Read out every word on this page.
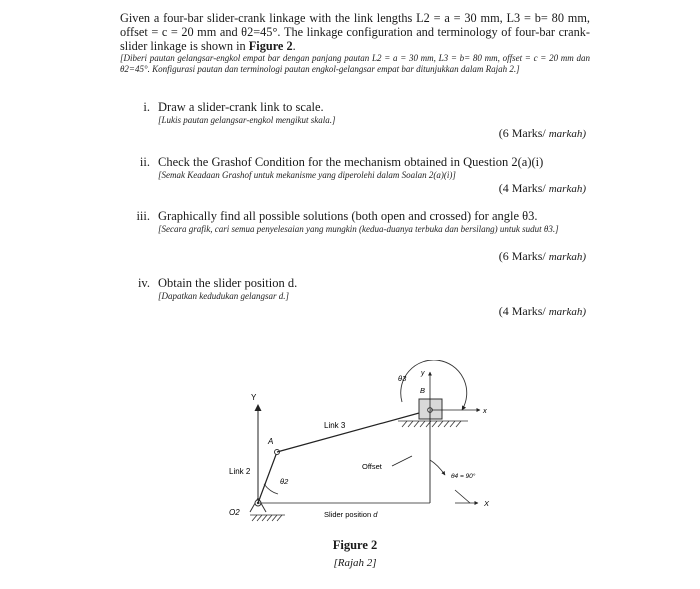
Given a four-bar slider-crank linkage with the link lengths L2 = a = 30 mm, L3 = b= 80 mm, offset = c = 20 mm and θ2=45°. The linkage configuration and terminology of four-bar crank-slider linkage is shown in Figure 2.
[Diberi pautan gelangsar-engkol empat bar dengan panjang pautan L2 = a = 30 mm, L3 = b= 80 mm, offset = c = 20 mm dan θ2=45°. Konfigurasi pautan dan terminologi pautan engkol-gelangsar empat bar ditunjukkan dalam Rajah 2.]
i. Draw a slider-crank link to scale.
[Lukis pautan gelangsar-engkol mengikut skala.]
(6 Marks/ markah)
ii. Check the Grashof Condition for the mechanism obtained in Question 2(a)(i)
[Semak Keadaan Grashof untuk mekanisme yang diperolehi dalam Soalan 2(a)(i)]
(4 Marks/ markah)
iii. Graphically find all possible solutions (both open and crossed) for angle θ3.
[Secara grafik, cari semua penyelesaian yang mungkin (kedua-duanya terbuka dan bersilang) untuk sudut θ3.]
(6 Marks/ markah)
iv. Obtain the slider position d.
[Dapatkan kedudukan gelangsar d.]
(4 Marks/ markah)
Y
O2
A
Link 2
θ2
Link 3
B
x
y
θ3
Offset
θ4 = 90°
X
Slider position d
Figure 2
[Rajah 2]
